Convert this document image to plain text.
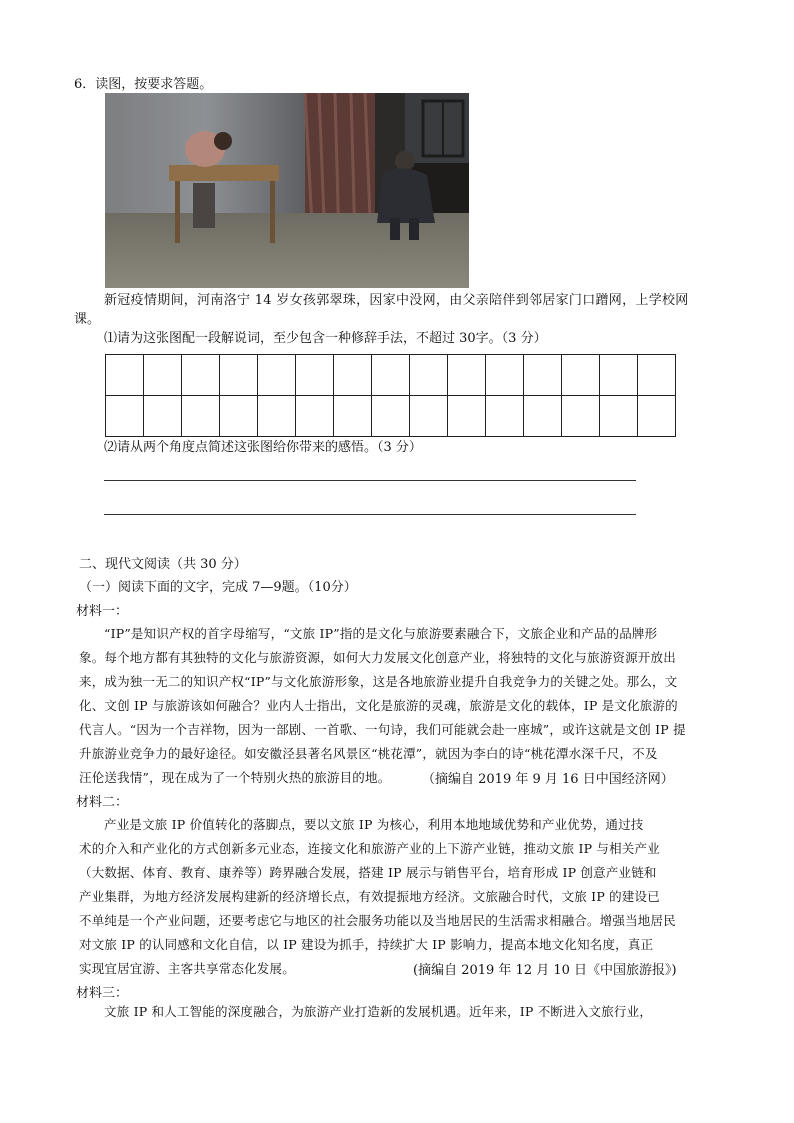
6．读图，按要求答题。
新冠疫情期间，河南洛宁 14 岁女孩郭翠珠，因家中没网，由父亲陪伴到邻居家门口蹭网，上学校网
课。
⑴请为这张图配一段解说词，至少包含一种修辞手法，不超过 30字。（3 分）

⑵请从两个角度点简述这张图给你带来的感悟。（3 分）
二、现代文阅读（共 30 分）
（一）阅读下面的文字，完成 7—9题。（10分）
材料一：
“IP”是知识产权的首字母缩写，“文旅 IP”指的是文化与旅游要素融合下，文旅企业和产品的品牌形
象。每个地方都有其独特的文化与旅游资源，如何大力发展文化创意产业，将独特的文化与旅游资源开放出
来，成为独一无二的知识产权“IP”与文化旅游形象，这是各地旅游业提升自我竞争力的关键之处。那么，文
化、文创 IP 与旅游该如何融合？业内人士指出，文化是旅游的灵魂，旅游是文化的载体，IP 是文化旅游的
代言人。“因为一个吉祥物，因为一部剧、一首歌、一句诗，我们可能就会赴一座城”，或许这就是文创 IP 提
升旅游业竞争力的最好途径。如安徽泾县著名风景区“桃花潭”，就因为李白的诗“桃花潭水深千尺，不及
汪伦送我情”，现在成为了一个特别火热的旅游目的地。	（摘编自 2019 年 9 月 16 日中国经济网）
材料二：
产业是文旅 IP 价值转化的落脚点，要以文旅 IP 为核心，利用本地地域优势和产业优势，通过技
术的介入和产业化的方式创新多元业态，连接文化和旅游产业的上下游产业链，推动文旅 IP 与相关产业
（大数据、体育、教育、康养等）跨界融合发展，搭建 IP 展示与销售平台，培育形成 IP 创意产业链和
产业集群，为地方经济发展构建新的经济增长点，有效提振地方经济。文旅融合时代，文旅 IP 的建设已
不单纯是一个产业问题，还要考虑它与地区的社会服务功能以及当地居民的生活需求相融合。增强当地居民
对文旅 IP 的认同感和文化自信，以 IP 建设为抓手，持续扩大 IP 影响力，提高本地文化知名度，真正
实现宜居宜游、主客共享常态化发展。	(摘编自 2019 年 12 月 10 日《中国旅游报》)
材料三：
文旅 IP 和人工智能的深度融合，为旅游产业打造新的发展机遇。近年来，IP 不断进入文旅行业，
